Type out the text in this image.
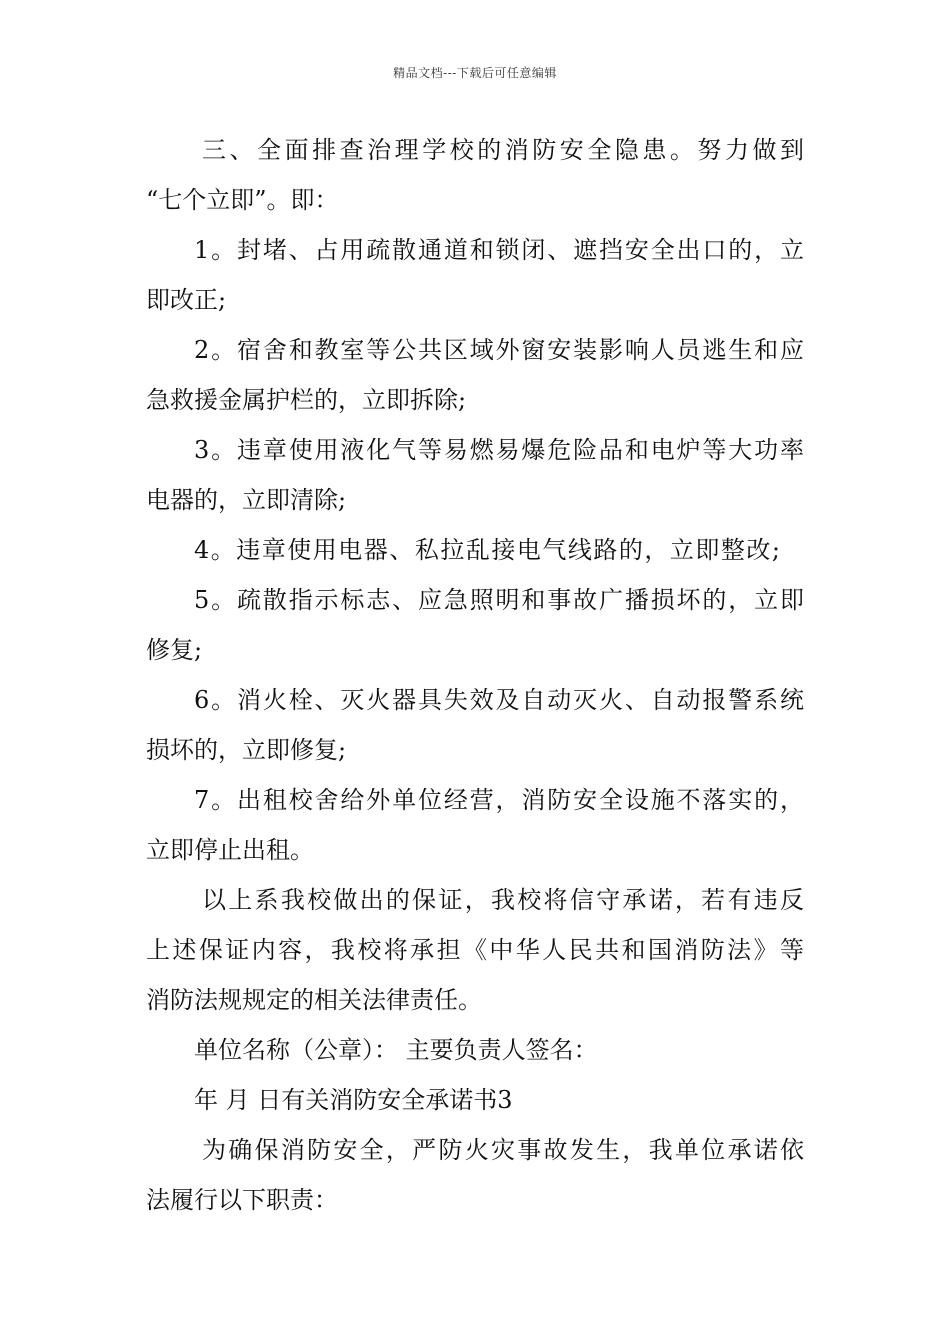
精品文档---下载后可任意编辑
三、全面排查治理学校的消防安全隐患。努力做到
“七个立即”。即：
1。封堵、占用疏散通道和锁闭、遮挡安全出口的，立
即改正;
2。宿舍和教室等公共区域外窗安装影响人员逃生和应
急救援金属护栏的，立即拆除;
3。违章使用液化气等易燃易爆危险品和电炉等大功率
电器的，立即清除;
4。违章使用电器、私拉乱接电气线路的，立即整改;
5。疏散指示标志、应急照明和事故广播损坏的，立即
修复;
6。消火栓、灭火器具失效及自动灭火、自动报警系统
损坏的，立即修复;
7。出租校舍给外单位经营，消防安全设施不落实的，
立即停止出租。
以上系我校做出的保证，我校将信守承诺，若有违反
上述保证内容，我校将承担《中华人民共和国消防法》等
消防法规规定的相关法律责任。
单位名称（公章）： 主要负责人签名：
年 月 日有关消防安全承诺书3
为确保消防安全，严防火灾事故发生，我单位承诺依
法履行以下职责：
